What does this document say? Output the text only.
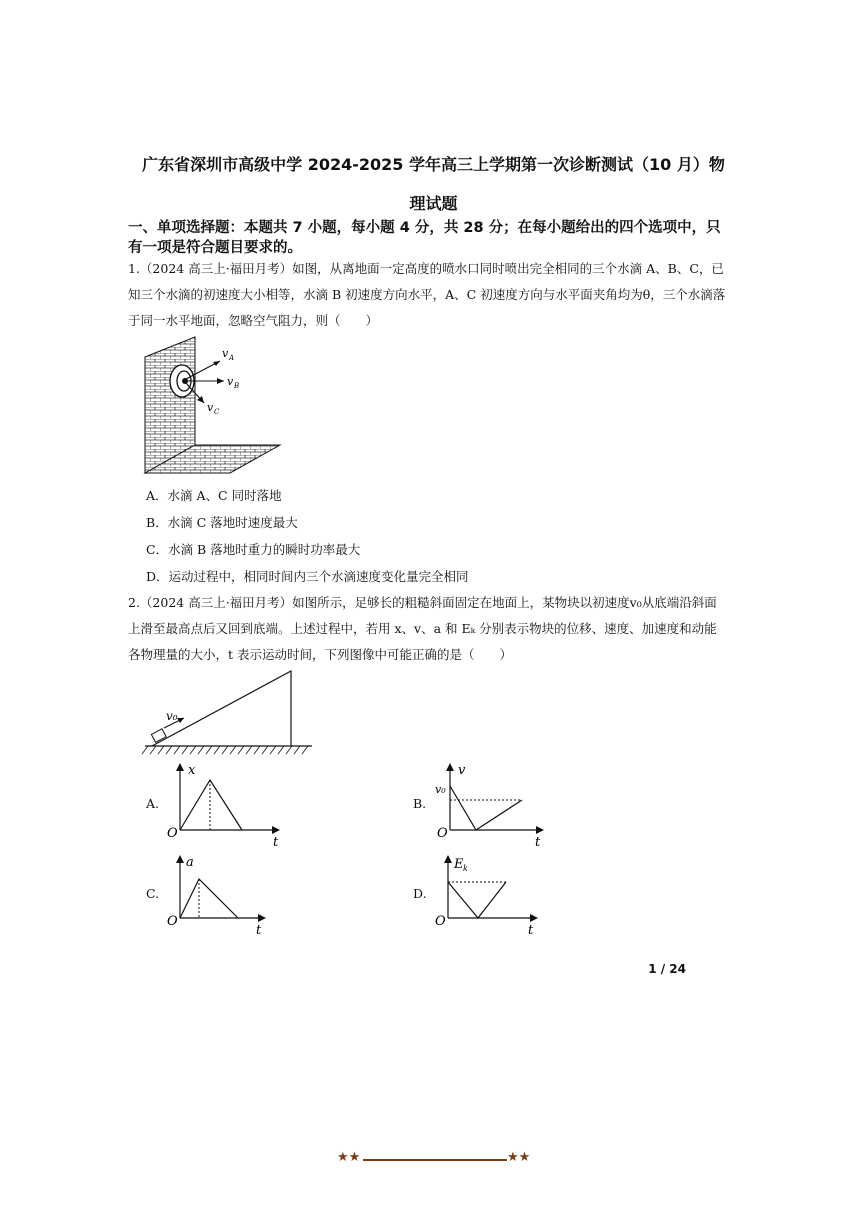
广东省深圳市高级中学 2024-2025 学年高三上学期第一次诊断测试（10 月）物
理试题
一、单项选择题：本题共 7 小题，每小题 4 分，共 28 分；在每小题给出的四个选项中，只有一项是符合题目要求的。
1.（2024 高三上·福田月考）如图，从离地面一定高度的喷水口同时喷出完全相同的三个水滴 A、B、C，已知三个水滴的初速度大小相等，水滴 B 初速度方向水平，A、C 初速度方向与水平面夹角均为θ，三个水滴落于同一水平地面，忽略空气阻力，则（　　）
v A
v B
v C
A．水滴 A、C 同时落地
B．水滴 C 落地时速度最大
C．水滴 B 落地时重力的瞬时功率最大
D．运动过程中，相同时间内三个水滴速度变化量完全相同
2.（2024 高三上·福田月考）如图所示，足够长的粗糙斜面固定在地面上，某物块以初速度v₀从底端沿斜面上滑至最高点后又回到底端。上述过程中，若用 x、v、a 和 Eₖ 分别表示物块的位移、速度、加速度和动能各物理量的大小，t 表示运动时间，下列图像中可能正确的是（　　）
v₀
A.
x
t
O
B.
v
v₀
t
O
C.
a
t
O
D.
E k
t
O
1 / 24
★★	★★
